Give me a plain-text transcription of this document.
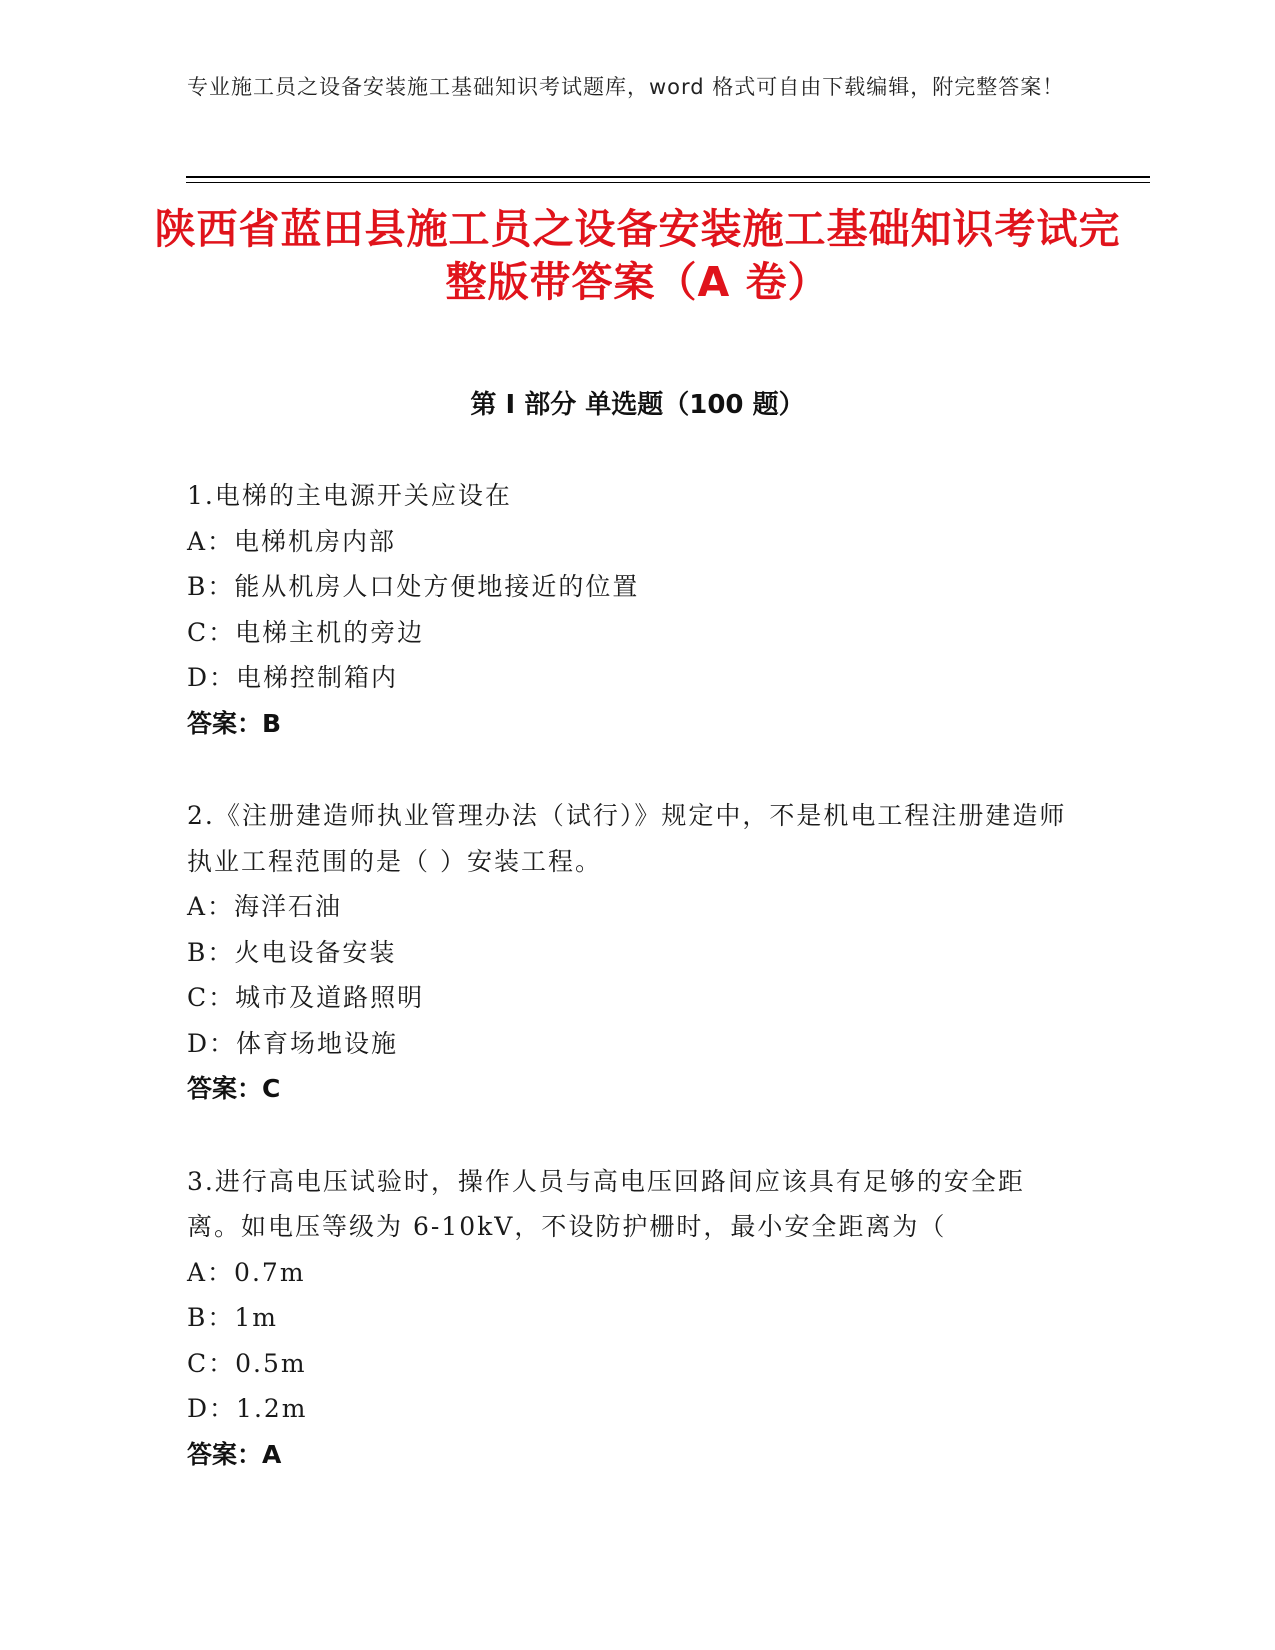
专业施工员之设备安装施工基础知识考试题库，word 格式可自由下载编辑，附完整答案！
陕西省蓝田县施工员之设备安装施工基础知识考试完整版带答案（A 卷）
第 I 部分 单选题（100 题）
1.电梯的主电源开关应设在
A：电梯机房内部
B：能从机房人口处方便地接近的位置
C：电梯主机的旁边
D：电梯控制箱内
答案：B
2.《注册建造师执业管理办法（试行）》规定中，不是机电工程注册建造师执业工程范围的是（ ）安装工程。
A：海洋石油
B：火电设备安装
C：城市及道路照明
D：体育场地设施
答案：C
3.进行高电压试验时，操作人员与高电压回路间应该具有足够的安全距离。如电压等级为 6-10kV，不设防护栅时，最小安全距离为（
A：0.7m
B：1m
C：0.5m
D：1.2m
答案：A
